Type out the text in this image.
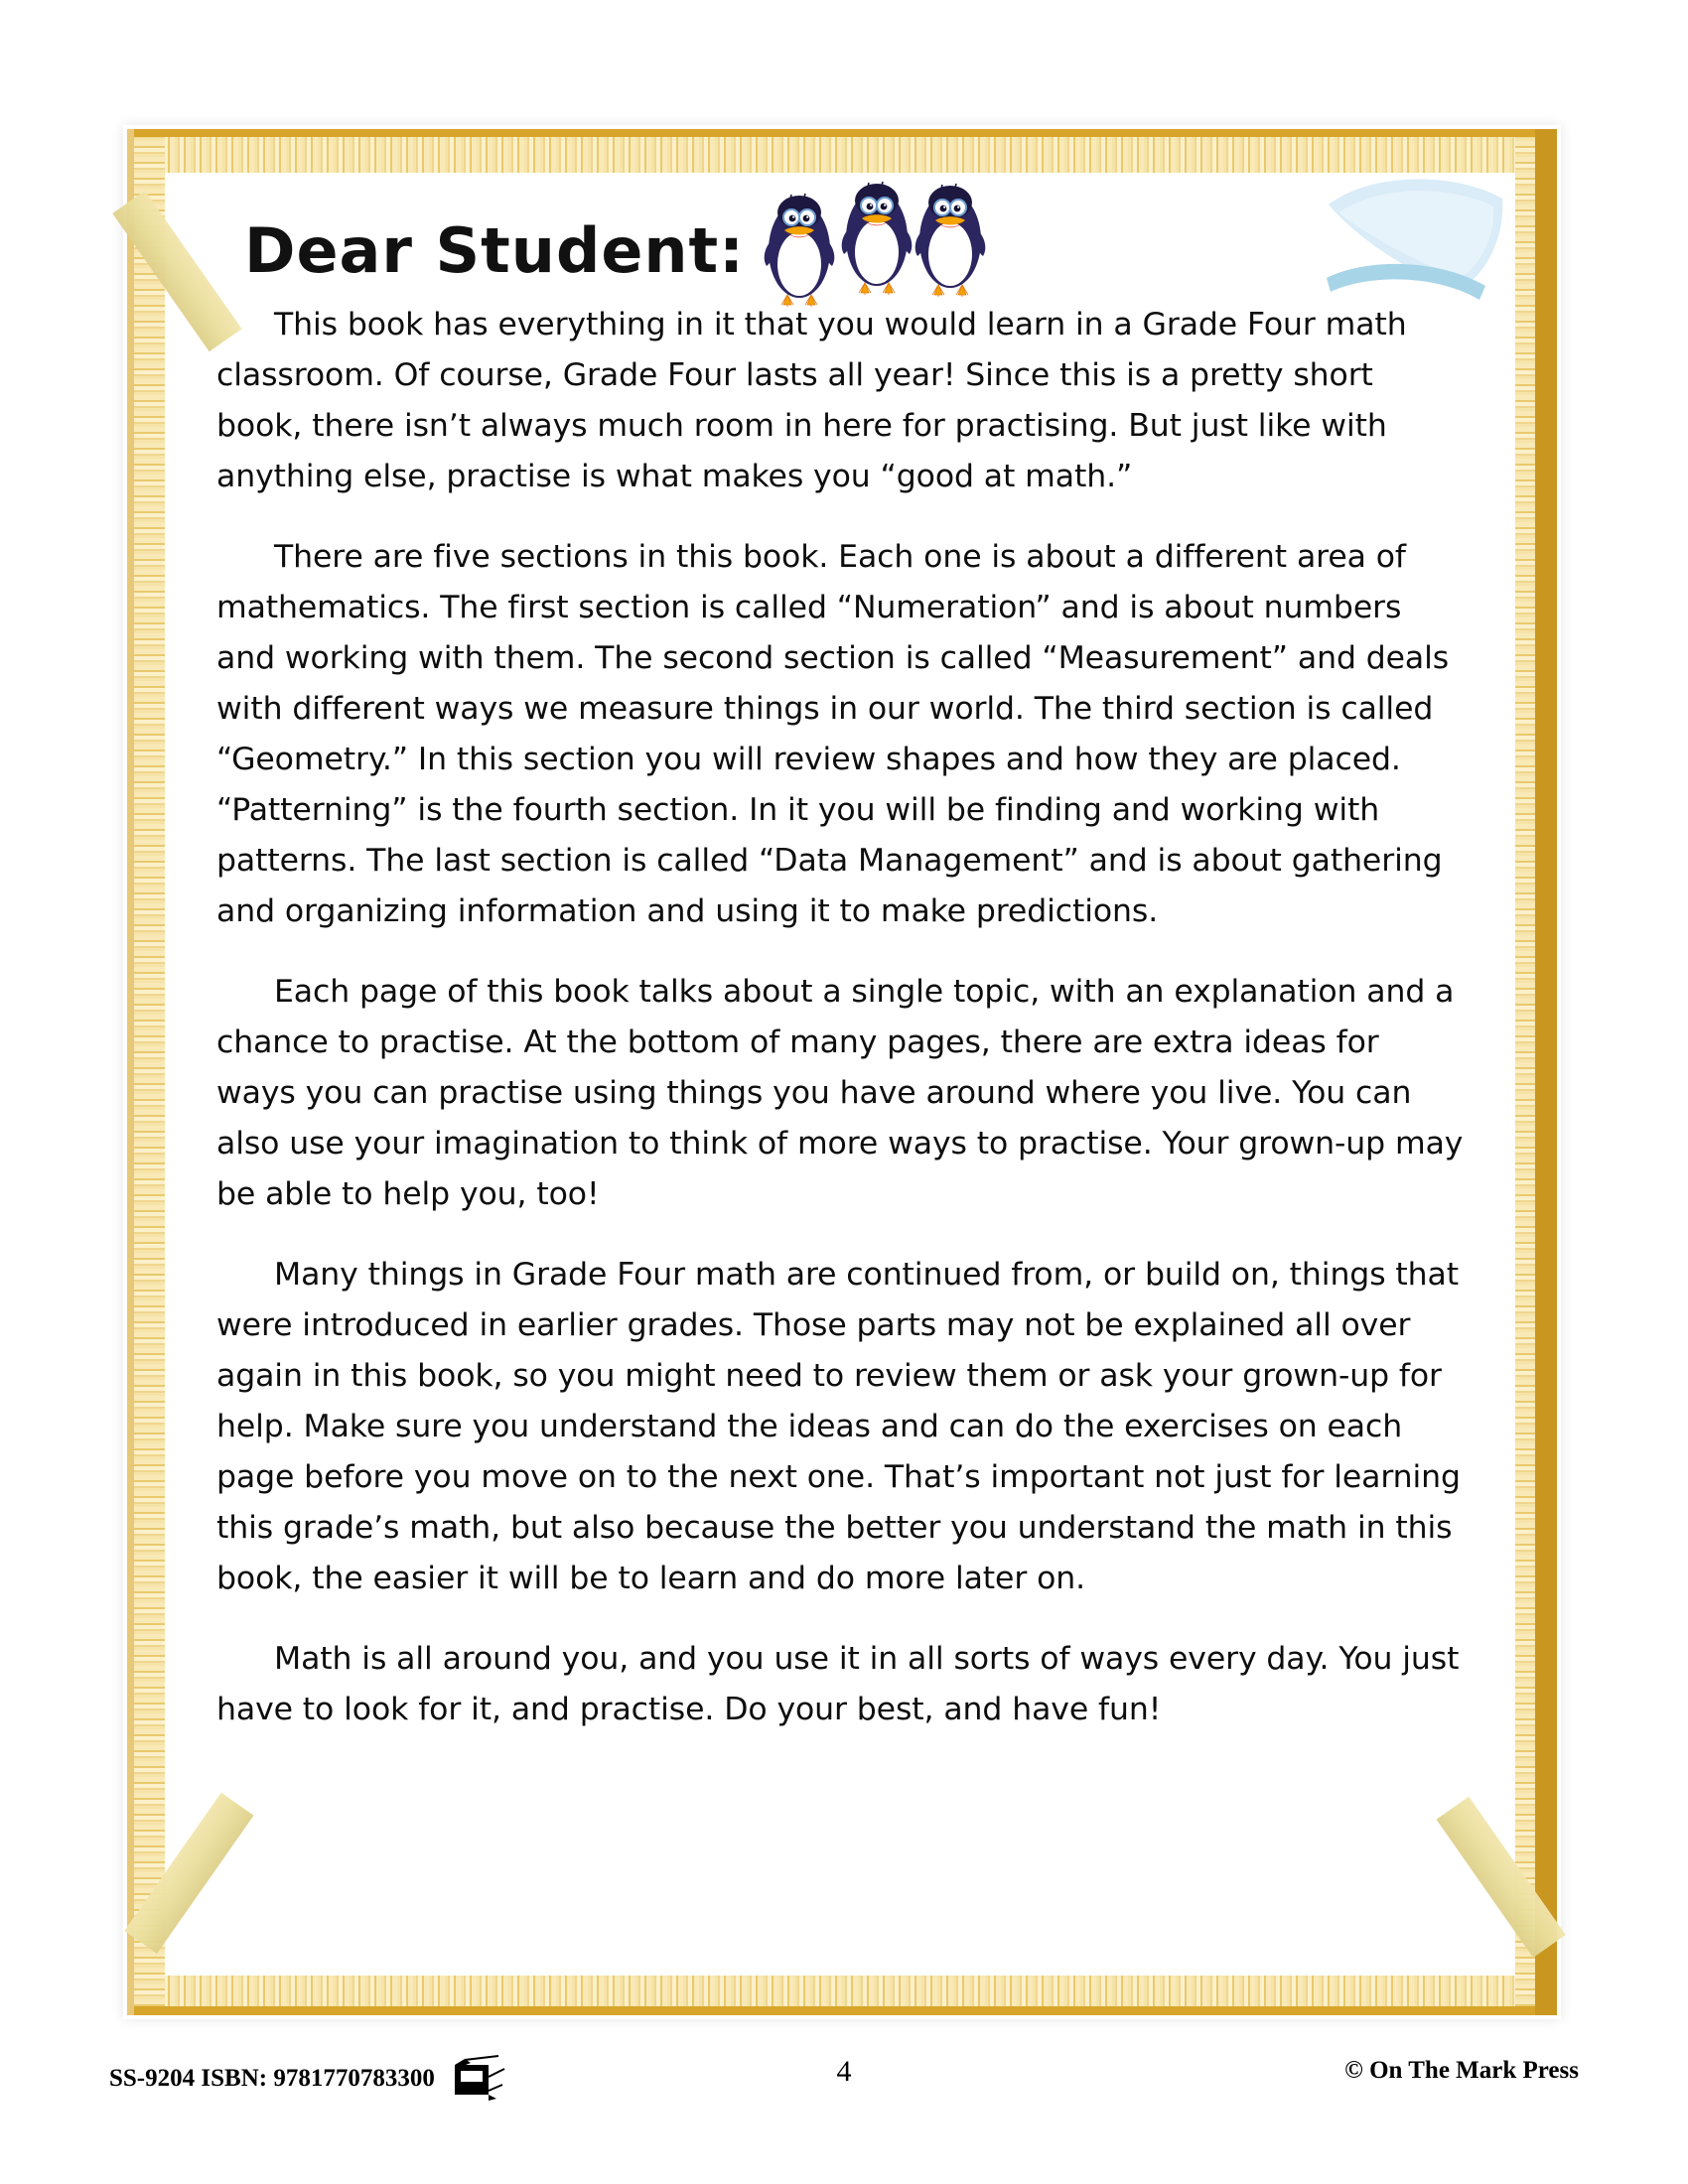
Dear Student:

This book has everything in it that you would learn in a Grade Four math classroom. Of course, Grade Four lasts all year! Since this is a pretty short book, there isn’t always much room in here for practising. But just like with anything else, practise is what makes you “good at math.”

There are five sections in this book. Each one is about a different area of mathematics. The first section is called “Numeration” and is about numbers and working with them. The second section is called “Measurement” and deals with different ways we measure things in our world. The third section is called “Geometry.” In this section you will review shapes and how they are placed. “Patterning” is the fourth section. In it you will be finding and working with patterns. The last section is called “Data Management” and is about gathering and organizing information and using it to make predictions.

Each page of this book talks about a single topic, with an explanation and a chance to practise. At the bottom of many pages, there are extra ideas for ways you can practise using things you have around where you live. You can also use your imagination to think of more ways to practise. Your grown-up may be able to help you, too!

Many things in Grade Four math are continued from, or build on, things that were introduced in earlier grades. Those parts may not be explained all over again in this book, so you might need to review them or ask your grown-up for help. Make sure you understand the ideas and can do the exercises on each page before you move on to the next one. That’s important not just for learning this grade’s math, but also because the better you understand the math in this book, the easier it will be to learn and do more later on.

Math is all around you, and you use it in all sorts of ways every day. You just have to look for it, and practise. Do your best, and have fun!

SS-9204 ISBN: 9781770783300	4	© On The Mark Press
